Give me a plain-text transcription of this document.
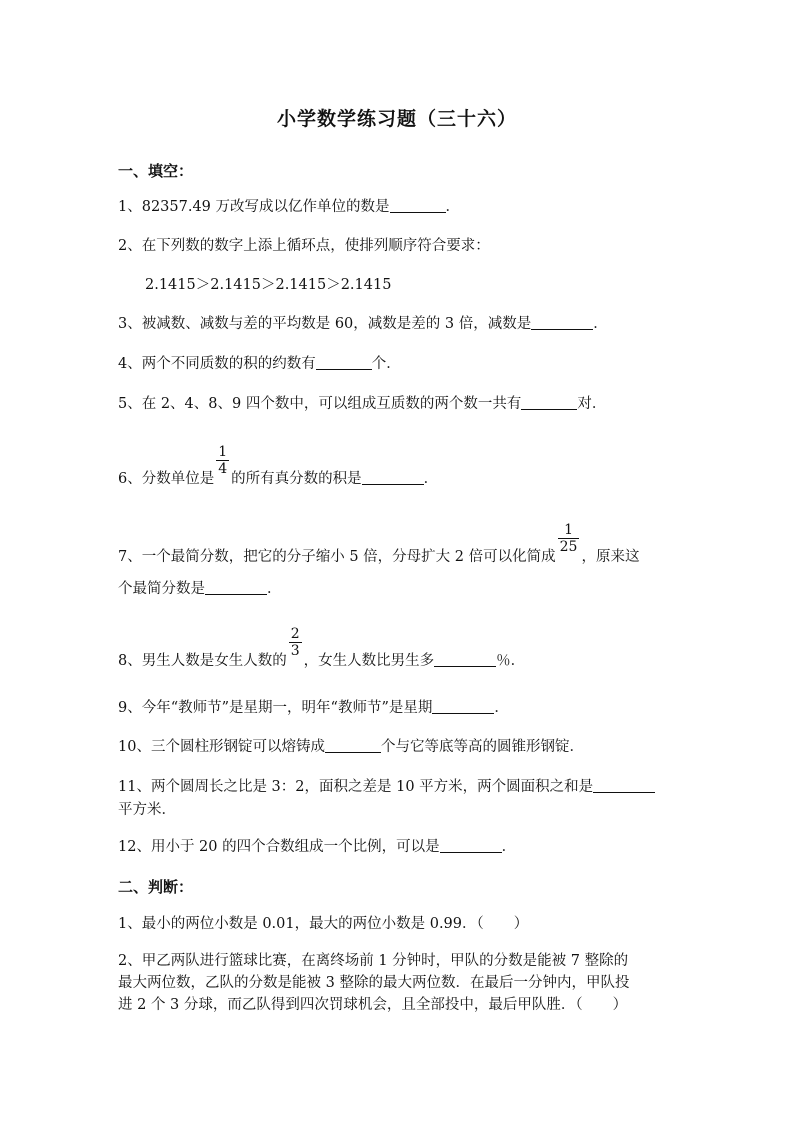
小学数学练习题（三十六）
一、填空：
1、82357.49 万改写成以亿作单位的数是	．
2、在下列数的数字上添上循环点，使排列顺序符合要求：
2.1415＞2.1415＞2.1415＞2.1415
3、被减数、减数与差的平均数是 60，减数是差的 3 倍，减数是	．
4、两个不同质数的积的约数有	个．
5、在 2、4、8、9 四个数中，可以组成互质数的两个数一共有	对．
6、分数单位是
$\frac{1}{4}$
的所有真分数的积是	．
7、一个最简分数，把它的分子缩小 5 倍，分母扩大 2 倍可以化简成
$\frac{1}{25}$
，原来这
个最简分数是	．
8、男生人数是女生人数的
$\frac{2}{3}$
，女生人数比男生多	％．
9、今年“教师节”是星期一，明年“教师节”是星期	．
10、三个圆柱形钢锭可以熔铸成	个与它等底等高的圆锥形钢锭．
11、两个圆周长之比是 3：2，面积之差是 10 平方米，两个圆面积之和是
平方米．
12、用小于 20 的四个合数组成一个比例，可以是	．
二、判断：
1、最小的两位小数是 0.01，最大的两位小数是 0.99．（ ）
2、甲乙两队进行篮球比赛，在离终场前 1 分钟时，甲队的分数是能被 7 整除的
最大两位数，乙队的分数是能被 3 整除的最大两位数．在最后一分钟内，甲队投
进 2 个 3 分球，而乙队得到四次罚球机会，且全部投中，最后甲队胜．（ ）
